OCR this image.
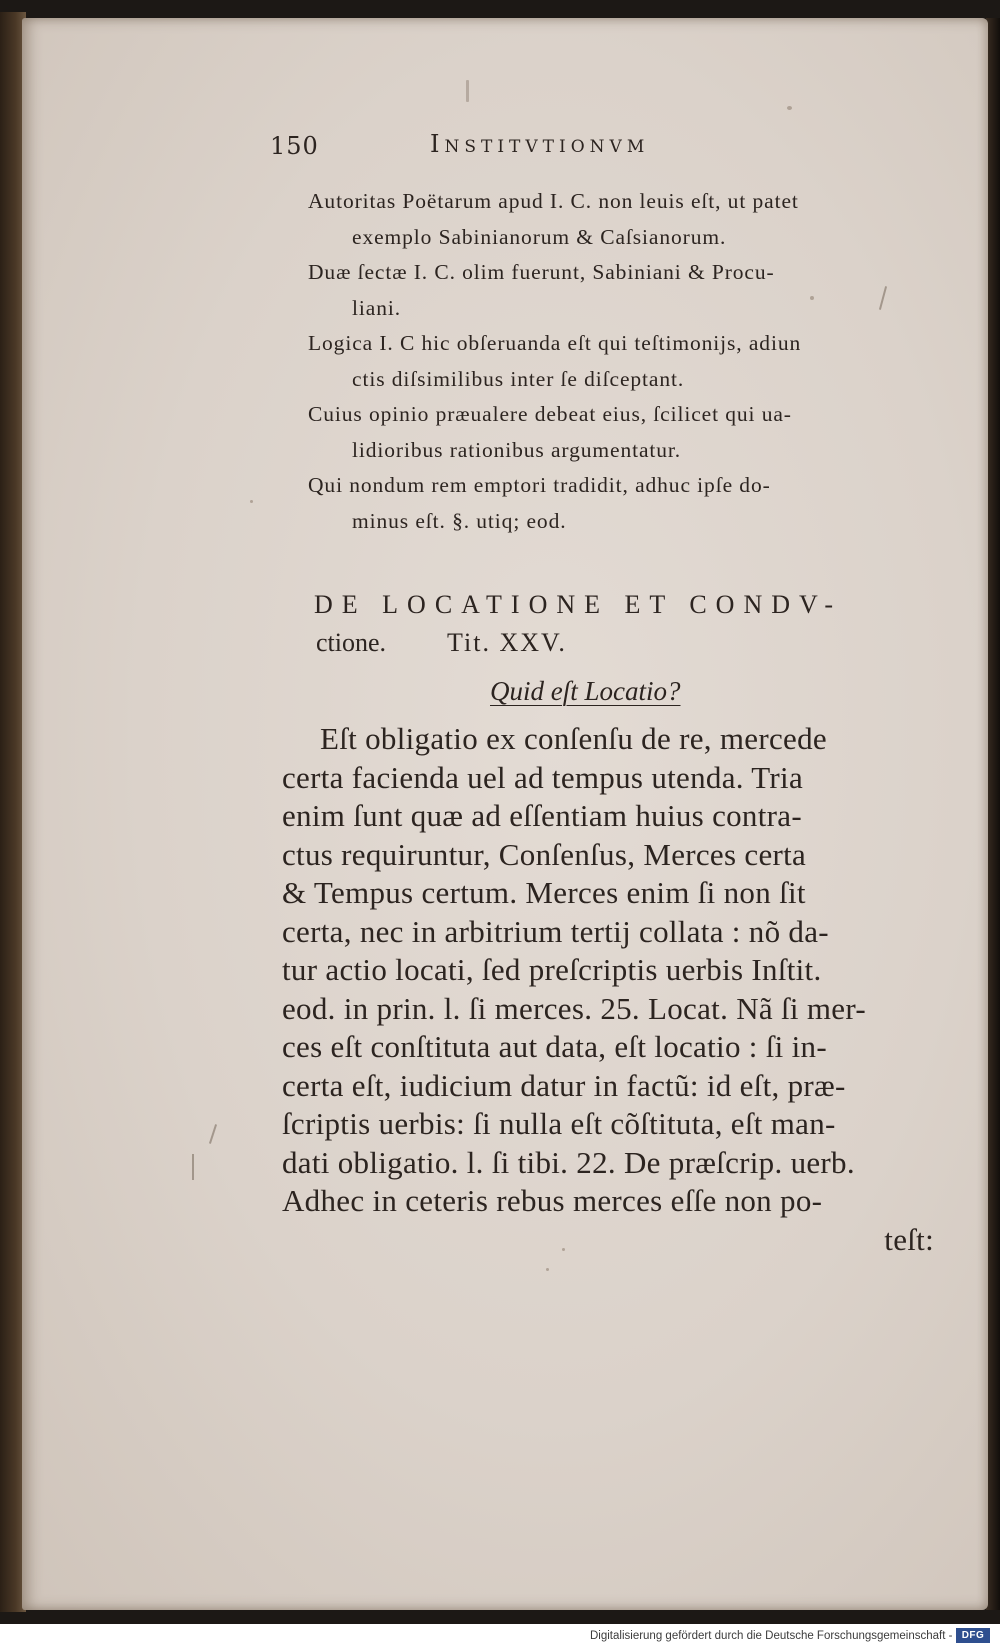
150	Institvtionvm
Autoritas Poëtarum apud I. C. non leuis eſt, ut patet
exemplo Sabinianorum & Caſsianorum.
Duæ ſectæ I. C. olim fuerunt, Sabiniani & Procu-
liani.
Logica I. C hic obſeruanda eſt qui teſtimonijs, adiun
ctis diſsimilibus inter ſe diſceptant.
Cuius opinio præualere debeat eius, ſcilicet qui ua-
lidioribus rationibus argumentatur.
Qui nondum rem emptori tradidit, adhuc ipſe do-
minus eſt. §. utiq; eod.
DE LOCATIONE ET CONDV-
ctione. Tit. XXV.
Quid eſt Locatio?
Eſt obligatio ex conſenſu de re, mercede
certa facienda uel ad tempus utenda. Tria
enim ſunt quæ ad eſſentiam huius contra-
ctus requiruntur, Conſenſus, Merces certa
& Tempus certum. Merces enim ſi non ſit
certa, nec in arbitrium tertij collata : nõ da-
tur actio locati, ſed preſcriptis uerbis Inſtit.
eod. in prin. l. ſi merces. 25. Locat. Nã ſi mer-
ces eſt conſtituta aut data, eſt locatio : ſi in-
certa eſt, iudicium datur in factũ: id eſt, præ-
ſcriptis uerbis: ſi nulla eſt cõſtituta, eſt man-
dati obligatio. l. ſi tibi. 22. De præſcrip. uerb.
Adhec in ceteris rebus merces eſſe non po-
teſt:
Digitalisierung gefördert durch die Deutsche Forschungsgemeinschaft - DFG
